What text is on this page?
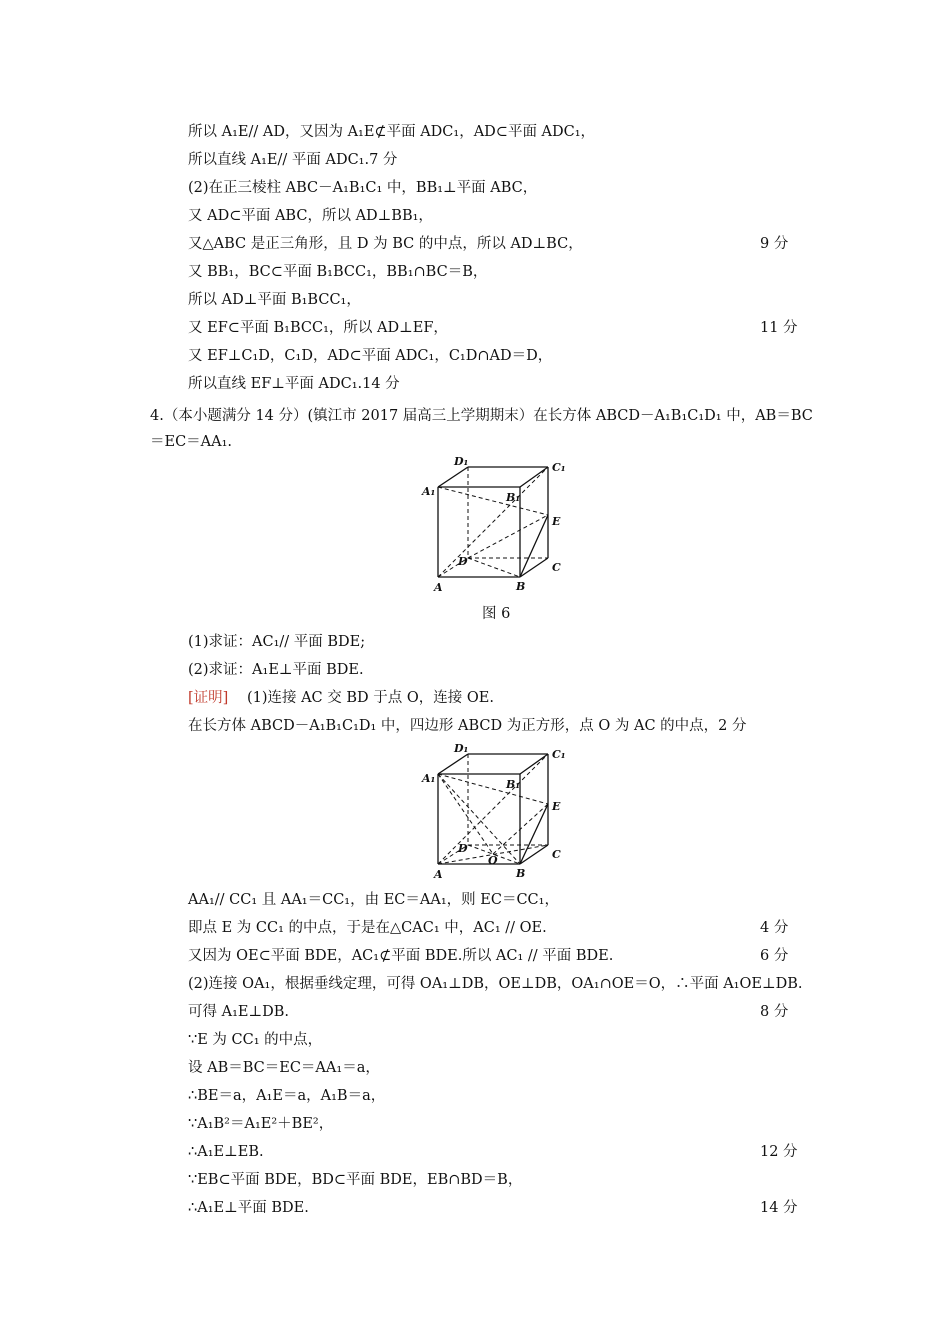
所以 A₁E// AD，又因为 A₁E⊄平面 ADC₁，AD⊂平面 ADC₁，
所以直线 A₁E// 平面 ADC₁.7 分
(2)在正三棱柱 ABC－A₁B₁C₁ 中，BB₁⊥平面 ABC，
又 AD⊂平面 ABC，所以 AD⊥BB₁，
又△ABC 是正三角形，且 D 为 BC 的中点，所以 AD⊥BC，	9 分
又 BB₁，BC⊂平面 B₁BCC₁，BB₁∩BC＝B，
所以 AD⊥平面 B₁BCC₁，
又 EF⊂平面 B₁BCC₁，所以 AD⊥EF，	11 分
又 EF⊥C₁D，C₁D，AD⊂平面 ADC₁，C₁D∩AD＝D，
所以直线 EF⊥平面 ADC₁.14 分
4.（本小题满分 14 分）(镇江市 2017 届高三上学期期末）在长方体 ABCD－A₁B₁C₁D₁ 中，AB＝BC
＝EC＝AA₁.
D₁	C₁
A₁	B₁
E
D	C
A	B
图 6
(1)求证：AC₁// 平面 BDE;
(2)求证：A₁E⊥平面 BDE.
[证明] (1)连接 AC 交 BD 于点 O，连接 OE.
在长方体 ABCD－A₁B₁C₁D₁ 中，四边形 ABCD 为正方形，点 O 为 AC 的中点，2 分
D₁	C₁
A₁	B₁
E
D
O	C
A	B
AA₁// CC₁ 且 AA₁＝CC₁，由 EC＝AA₁，则 EC＝CC₁，
即点 E 为 CC₁ 的中点，于是在△CAC₁ 中，AC₁ // OE.	4 分
又因为 OE⊂平面 BDE，AC₁⊄平面 BDE.所以 AC₁ // 平面 BDE.	6 分
(2)连接 OA₁，根据垂线定理，可得 OA₁⊥DB，OE⊥DB，OA₁∩OE＝O，∴平面 A₁OE⊥DB.
可得 A₁E⊥DB.	8 分
∵E 为 CC₁ 的中点，
设 AB＝BC＝EC＝AA₁＝a，
∴BE＝a，A₁E＝a，A₁B＝a，
∵A₁B²＝A₁E²＋BE²，
∴A₁E⊥EB.	12 分
∵EB⊂平面 BDE，BD⊂平面 BDE，EB∩BD＝B，
∴A₁E⊥平面 BDE.	14 分
